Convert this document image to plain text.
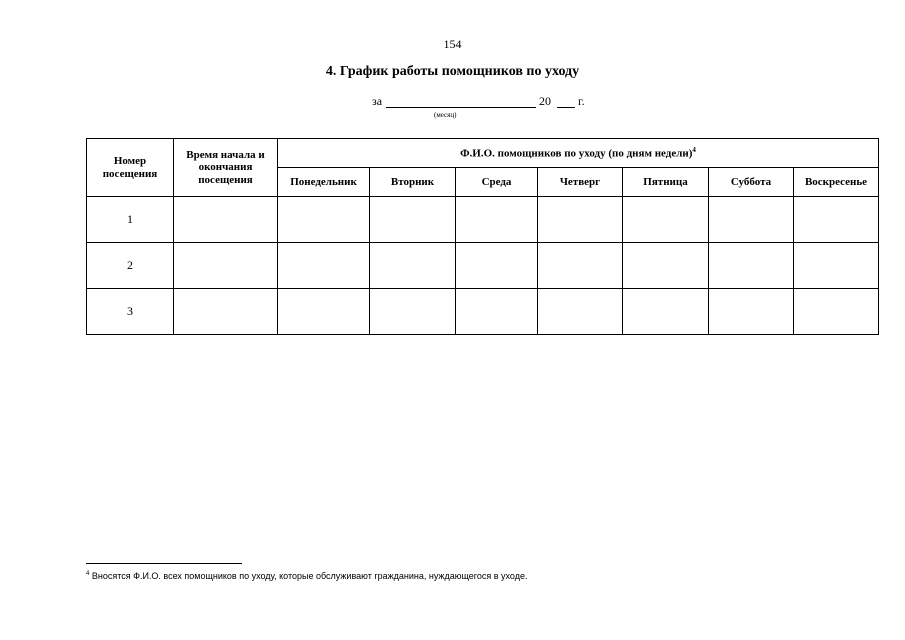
154
4. График работы помощников по уходу
за
(месяц)
20 г.
Номер посещения	Время начала и окончания посещения	Ф.И.О. помощников по уходу (по дням недели)$^4$
		Понедельник	Вторник	Среда	Четверг	Пятница	Суббота	Воскресенье
1								
2								
3								
$^4$ Вносятся Ф.И.О. всех помощников по уходу, которые обслуживают гражданина, нуждающегося в уходе.
